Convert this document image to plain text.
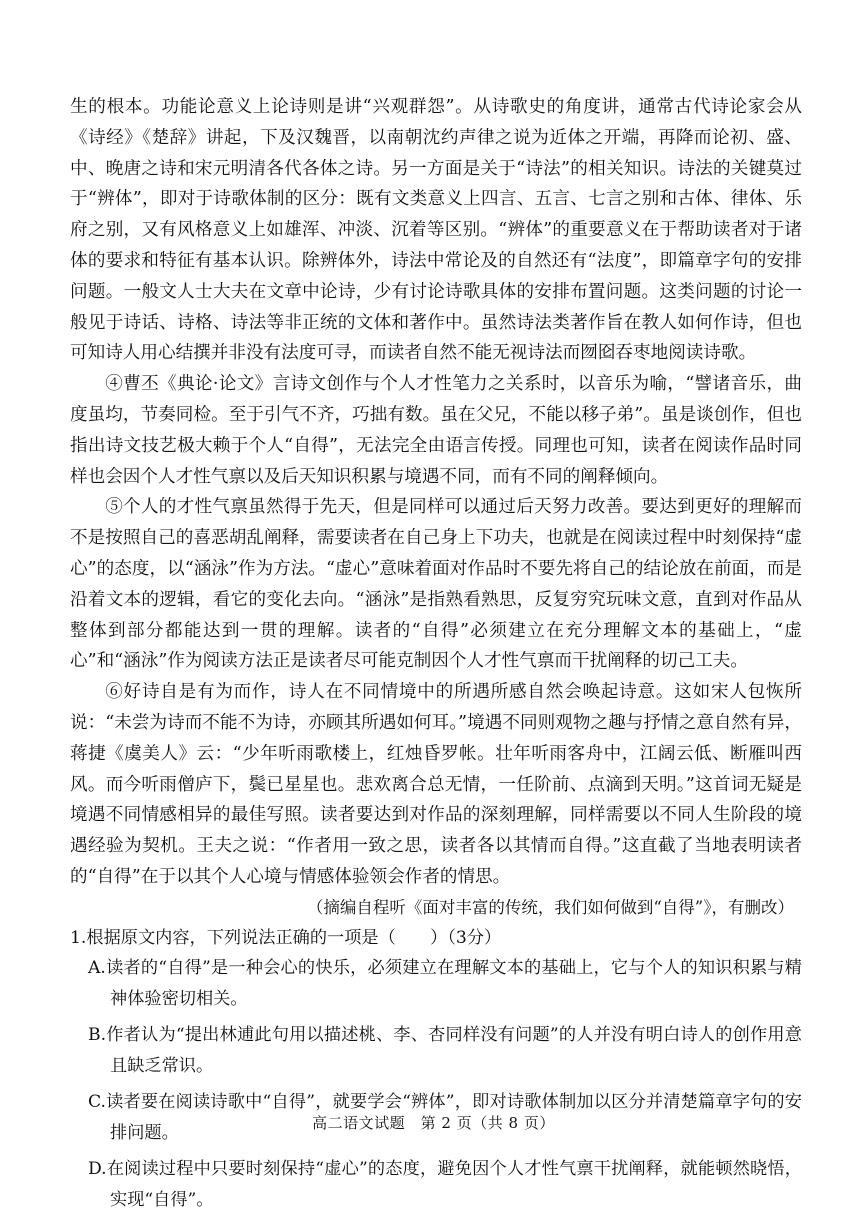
生的根本。功能论意义上论诗则是讲“兴观群怨”。从诗歌史的角度讲，通常古代诗论家会从《诗经》《楚辞》讲起，下及汉魏晋，以南朝沈约声律之说为近体之开端，再降而论初、盛、中、晚唐之诗和宋元明清各代各体之诗。另一方面是关于“诗法”的相关知识。诗法的关键莫过于“辨体”，即对于诗歌体制的区分：既有文类意义上四言、五言、七言之别和古体、律体、乐府之别，又有风格意义上如雄浑、冲淡、沉着等区别。“辨体”的重要意义在于帮助读者对于诸体的要求和特征有基本认识。除辨体外，诗法中常论及的自然还有“法度”，即篇章字句的安排问题。一般文人士大夫在文章中论诗，少有讨论诗歌具体的安排布置问题。这类问题的讨论一般见于诗话、诗格、诗法等非正统的文体和著作中。虽然诗法类著作旨在教人如何作诗，但也可知诗人用心结撰并非没有法度可寻，而读者自然不能无视诗法而囫囵吞枣地阅读诗歌。

④曹丕《典论·论文》言诗文创作与个人才性笔力之关系时，以音乐为喻，“譬诸音乐，曲度虽均，节奏同检。至于引气不齐，巧拙有数。虽在父兄，不能以移子弟”。虽是谈创作，但也指出诗文技艺极大赖于个人“自得”，无法完全由语言传授。同理也可知，读者在阅读作品时同样也会因个人才性气禀以及后天知识积累与境遇不同，而有不同的阐释倾向。

⑤个人的才性气禀虽然得于先天，但是同样可以通过后天努力改善。要达到更好的理解而不是按照自己的喜恶胡乱阐释，需要读者在自己身上下功夫，也就是在阅读过程中时刻保持“虚心”的态度，以“涵泳”作为方法。“虚心”意味着面对作品时不要先将自己的结论放在前面，而是沿着文本的逻辑，看它的变化去向。“涵泳”是指熟看熟思，反复穷究玩味文意，直到对作品从整体到部分都能达到一贯的理解。读者的“自得”必须建立在充分理解文本的基础上，“虚心”和“涵泳”作为阅读方法正是读者尽可能克制因个人才性气禀而干扰阐释的切己工夫。

⑥好诗自是有为而作，诗人在不同情境中的所遇所感自然会唤起诗意。这如宋人包恢所说：“未尝为诗而不能不为诗，亦顾其所遇如何耳。”境遇不同则观物之趣与抒情之意自然有异，蒋捷《虞美人》云：“少年听雨歌楼上，红烛昏罗帐。壮年听雨客舟中，江阔云低、断雁叫西风。而今听雨僧庐下，鬓已星星也。悲欢离合总无情，一任阶前、点滴到天明。”这首词无疑是境遇不同情感相异的最佳写照。读者要达到对作品的深刻理解，同样需要以不同人生阶段的境遇经验为契机。王夫之说：“作者用一致之思，读者各以其情而自得。”这直截了当地表明读者的“自得”在于以其个人心境与情感体验领会作者的情思。

（摘编自程听《面对丰富的传统，我们如何做到“自得”》，有删改）

1.根据原文内容，下列说法正确的一项是（　　）（3分）

A.读者的“自得”是一种会心的快乐，必须建立在理解文本的基础上，它与个人的知识积累与精神体验密切相关。

B.作者认为“提出林逋此句用以描述桃、李、杏同样没有问题”的人并没有明白诗人的创作用意且缺乏常识。

C.读者要在阅读诗歌中“自得”，就要学会“辨体”，即对诗歌体制加以区分并清楚篇章字句的安排问题。

D.在阅读过程中只要时刻保持“虚心”的态度，避免因个人才性气禀干扰阐释，就能顿然晓悟，实现“自得”。

高二语文试题　第 2 页（共 8 页）
